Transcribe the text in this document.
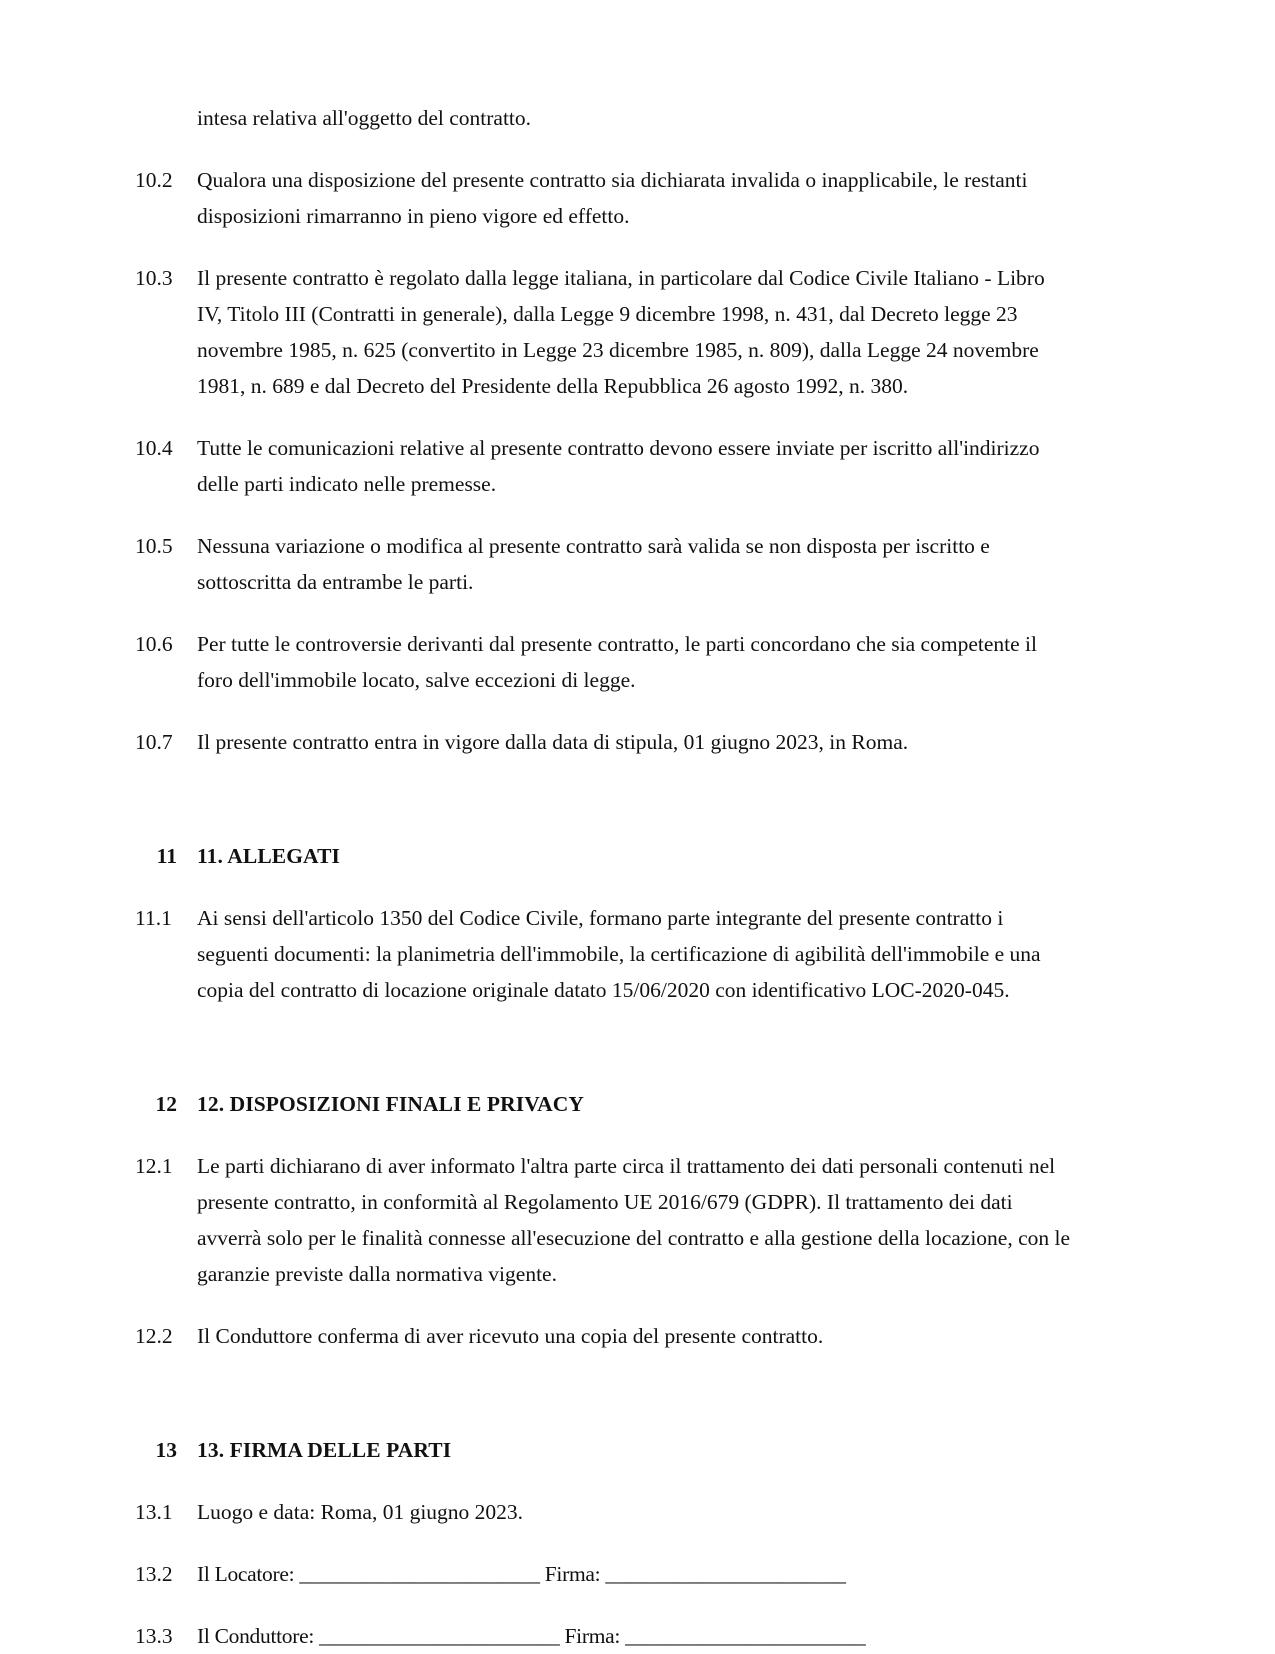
intesa relativa all'oggetto del contratto.
10.2	Qualora una disposizione del presente contratto sia dichiarata invalida o inapplicabile, le restanti disposizioni rimarranno in pieno vigore ed effetto.
10.3	Il presente contratto è regolato dalla legge italiana, in particolare dal Codice Civile Italiano - Libro IV, Titolo III (Contratti in generale), dalla Legge 9 dicembre 1998, n. 431, dal Decreto legge 23 novembre 1985, n. 625 (convertito in Legge 23 dicembre 1985, n. 809), dalla Legge 24 novembre 1981, n. 689 e dal Decreto del Presidente della Repubblica 26 agosto 1992, n. 380.
10.4	Tutte le comunicazioni relative al presente contratto devono essere inviate per iscritto all'indirizzo delle parti indicato nelle premesse.
10.5	Nessuna variazione o modifica al presente contratto sarà valida se non disposta per iscritto e sottoscritta da entrambe le parti.
10.6	Per tutte le controversie derivanti dal presente contratto, le parti concordano che sia competente il foro dell'immobile locato, salve eccezioni di legge.
10.7	Il presente contratto entra in vigore dalla data di stipula, 01 giugno 2023, in Roma.
11 11. ALLEGATI
11.1	Ai sensi dell'articolo 1350 del Codice Civile, formano parte integrante del presente contratto i seguenti documenti: la planimetria dell'immobile, la certificazione di agibilità dell'immobile e una copia del contratto di locazione originale datato 15/06/2020 con identificativo LOC-2020-045.
12 12. DISPOSIZIONI FINALI E PRIVACY
12.1	Le parti dichiarano di aver informato l'altra parte circa il trattamento dei dati personali contenuti nel presente contratto, in conformità al Regolamento UE 2016/679 (GDPR). Il trattamento dei dati avverrà solo per le finalità connesse all'esecuzione del contratto e alla gestione della locazione, con le garanzie previste dalla normativa vigente.
12.2	Il Conduttore conferma di aver ricevuto una copia del presente contratto.
13 13. FIRMA DELLE PARTI
13.1	Luogo e data: Roma, 01 giugno 2023.
13.2	Il Locatore: _______________________ Firma: _______________________
13.3	Il Conduttore: _______________________ Firma: _______________________
